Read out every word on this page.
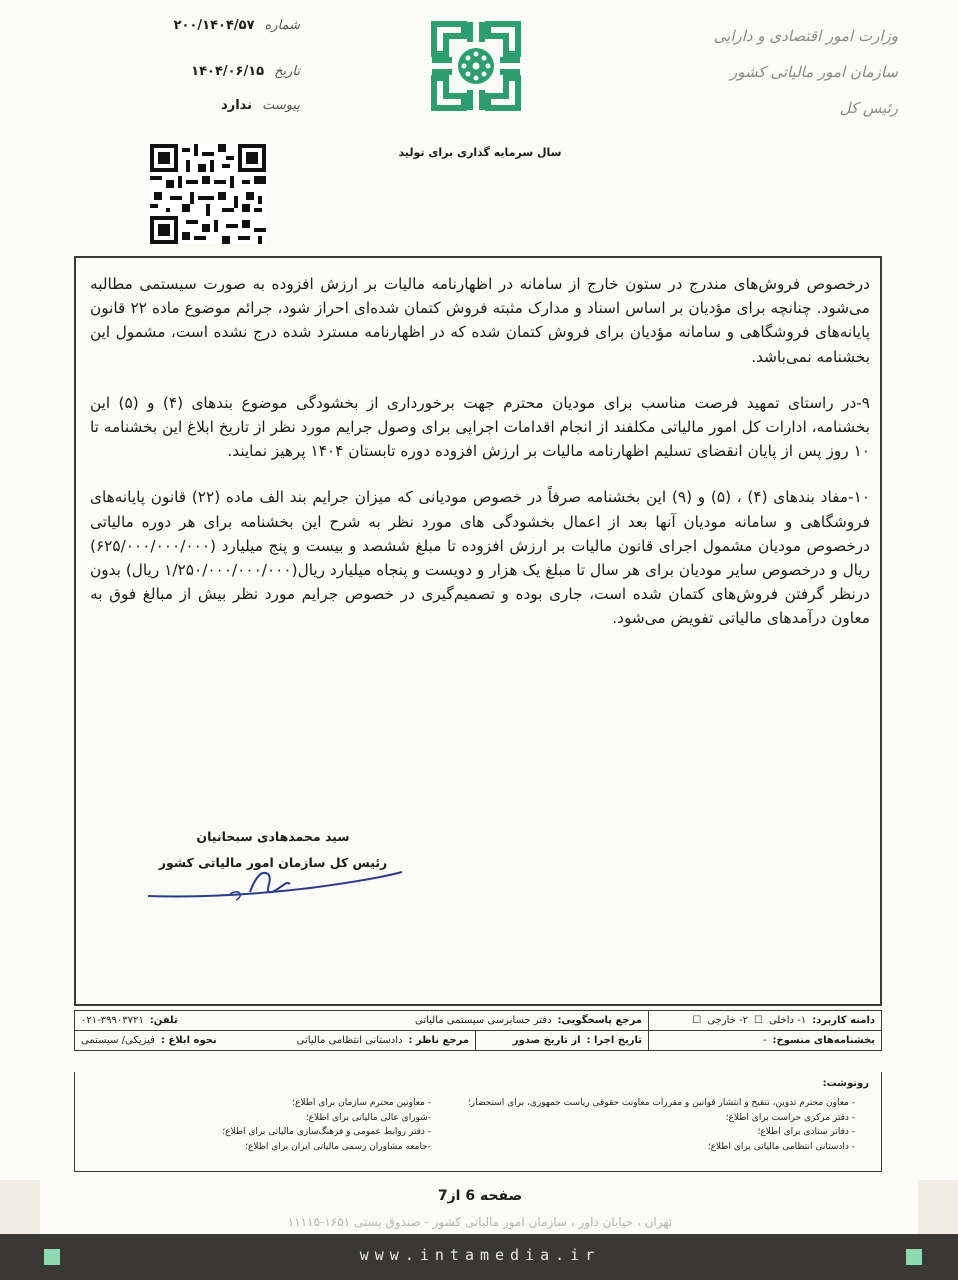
شماره
۲۰۰/۱۴۰۴/۵۷
تاریخ
۱۴۰۴/۰۶/۱۵
پیوست
ندارد
وزارت امور اقتصادی و دارایی
سازمان امور مالیاتی کشور
رئیس کل
سال سرمایه گذاری برای تولید

درخصوص فروش‌های مندرج در ستون خارج از سامانه در اظهارنامه مالیات بر ارزش افزوده به صورت سیستمی مطالبه می‌شود. چنانچه برای مؤدیان بر اساس اسناد و مدارک مثبته فروش کتمان شده‌ای احراز شود، جرائم موضوع ماده ۲۲ قانون پایانه‌های فروشگاهی و سامانه مؤدیان برای فروش کتمان شده که در اظهارنامه مسترد شده درج نشده است، مشمول این بخشنامه نمی‌باشد.

۹-در راستای تمهید فرصت مناسب برای مودیان محترم جهت برخورداری از بخشودگی موضوع بندهای (۴) و (۵) این بخشنامه، ادارات کل امور مالیاتی مکلفند از انجام اقدامات اجرایی برای وصول جرایم مورد نظر از تاریخ ابلاغ این بخشنامه تا ۱۰ روز پس از پایان انقضای تسلیم اظهارنامه مالیات بر ارزش افزوده دوره تابستان ۱۴۰۴ پرهیز نمایند.

۱۰-مفاد بندهای (۴) ، (۵) و (۹) این بخشنامه صرفاً در خصوص مودیانی که میزان جرایم بند الف ماده (۲۲) قانون پایانه‌های فروشگاهی و سامانه مودیان آنها بعد از اعمال بخشودگی های مورد نظر به شرح این بخشنامه برای هر دوره مالیاتی درخصوص مودیان مشمول اجرای قانون مالیات بر ارزش افزوده تا مبلغ ششصد و بیست و پنج میلیارد (۶۲۵/۰۰۰/۰۰۰/۰۰۰) ریال و درخصوص سایر مودیان برای هر سال تا مبلغ یک هزار و دویست و پنجاه میلیارد ریال(۱/۲۵۰/۰۰۰/۰۰۰/۰۰۰ ریال) بدون درنظر گرفتن فروش‌های کتمان شده است، جاری بوده و تصمیم‌گیری در خصوص جرایم مورد نظر بیش از مبالغ فوق به معاون درآمدهای مالیاتی تفویض می‌شود.

سید محمدهادی سبحانیان
رئیس کل سازمان امور مالیاتی کشور
دامنه کاربرد:
۱- داخلی
☐
۲- خارجی
☐	مرجع پاسخگویی:
دفتر حسابرسی سیستمی مالیاتی
تلفن:
۰۲۱-۳۹۹۰۳۷۲۱	

بخشنامه‌های منسوخ:
-	تاریخ اجرا :
از تاریخ صدور	مرجع ناظر :
دادستانی انتظامی مالیاتی
نحوه ابلاغ :
فیزیکی/ سیستمی
رونوشت:
- معاون محترم تدوین، تنقیح و انتشار قوانین و مقررات معاونت حقوقی ریاست جمهوری، برای استحضار؛
- دفتر مرکزی حراست برای اطلاع؛
- دفاتر ستادی برای اطلاع؛
- دادستانی انتظامی مالیاتی برای اطلاع؛
- معاونین محترم سازمان برای اطلاع؛
-شورای عالی مالیاتی برای اطلاع؛
- دفتر روابط عمومی و فرهنگ‌سازی مالیاتی برای اطلاع؛
-جامعه مشاوران رسمی مالیاتی ایران برای اطلاع؛
صفحه 6 از7
تهران ، خیابان داور ، سازمان امور مالیاتی کشور - صندوق پستی ۱۶۵۱-۱۱۱۱۵
www.intamedia.ir
